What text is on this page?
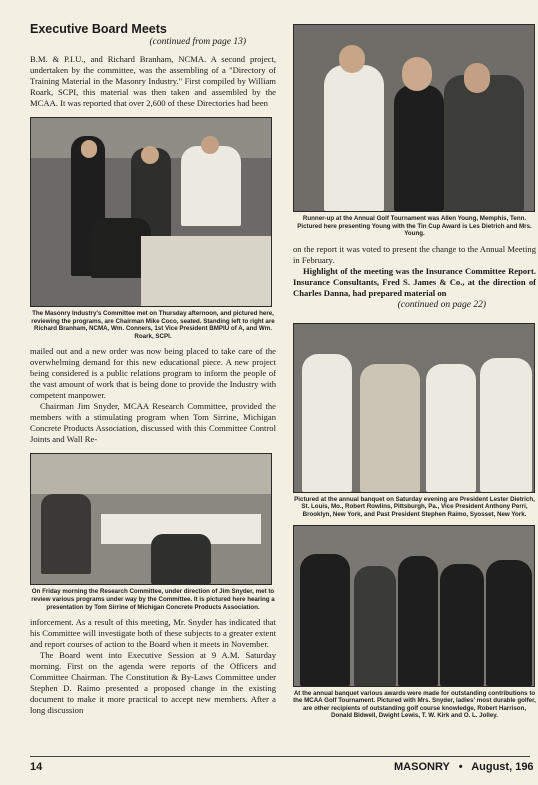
Executive Board Meets

(continued from page 13)

B.M. & P.I.U., and Richard Branham, NCMA. A second project, undertaken by the committee, was the assembling of a "Directory of Training Material in the Masonry Industry." First compiled by William Roark, SCPI, this material was then taken and assembled by the MCAA. It was reported that over 2,600 of these Directories had been

The Masonry Industry's Committee met on Thursday afternoon, and pictured here, reviewing the programs, are Chairman Mike Coco, seated. Standing left to right are Richard Branham, NCMA, Wm. Conners, 1st Vice President BMPIU of A, and Wm. Roark, SCPI.

mailed out and a new order was now being placed to take care of the overwhelming demand for this new educational piece. A new project being considered is a public relations program to inform the people of the vast amount of work that is being done to provide the Industry with competent manpower.

Chairman Jim Snyder, MCAA Research Committee, provided the members with a stimulating program when Tom Sirrine, Michigan Concrete Products Association, discussed with this Committee Control Joints and Wall Re-

On Friday morning the Research Committee, under direction of Jim Snyder, met to review various programs under way by the Committee. It is pictured here hearing a presentation by Tom Sirrine of Michigan Concrete Products Association.

inforcement. As a result of this meeting, Mr. Snyder has indicated that his Committee will investigate both of these subjects to a greater extent and report courses of action to the Board when it meets in November.

The Board went into Executive Session at 9 A.M. Saturday morning. First on the agenda were reports of the Officers and Committee Chairman. The Constitution & By-Laws Committee under Stephen D. Raimo presented a proposed change in the existing document to make it more practical to accept new members. After a long discussion

Runner-up at the Annual Golf Tournament was Allen Young, Memphis, Tenn. Pictured here presenting Young with the Tin Cup Award is Les Dietrich and Mrs. Young.

on the report it was voted to present the change to the Annual Meeting in February.

Highlight of the meeting was the Insurance Committee Report. Insurance Consultants, Fred S. James & Co., at the direction of Charles Danna, had prepared material on

(continued on page 22)

Pictured at the annual banquet on Saturday evening are President Lester Dietrich, St. Louis, Mo., Robert Rowlins, Pittsburgh, Pa., Vice President Anthony Perri, Brooklyn, New York, and Past President Stephen Raimo, Syosset, New York.

At the annual banquet various awards were made for outstanding contributions to the MCAA Golf Tournament. Pictured with Mrs. Snyder, ladies' most durable golfer, are other recipients of outstanding golf course knowledge, Robert Harrison, Donald Bidwell, Dwight Lewis, T. W. Kirk and O. L. Jolley.

14	MASONRY • August, 196
